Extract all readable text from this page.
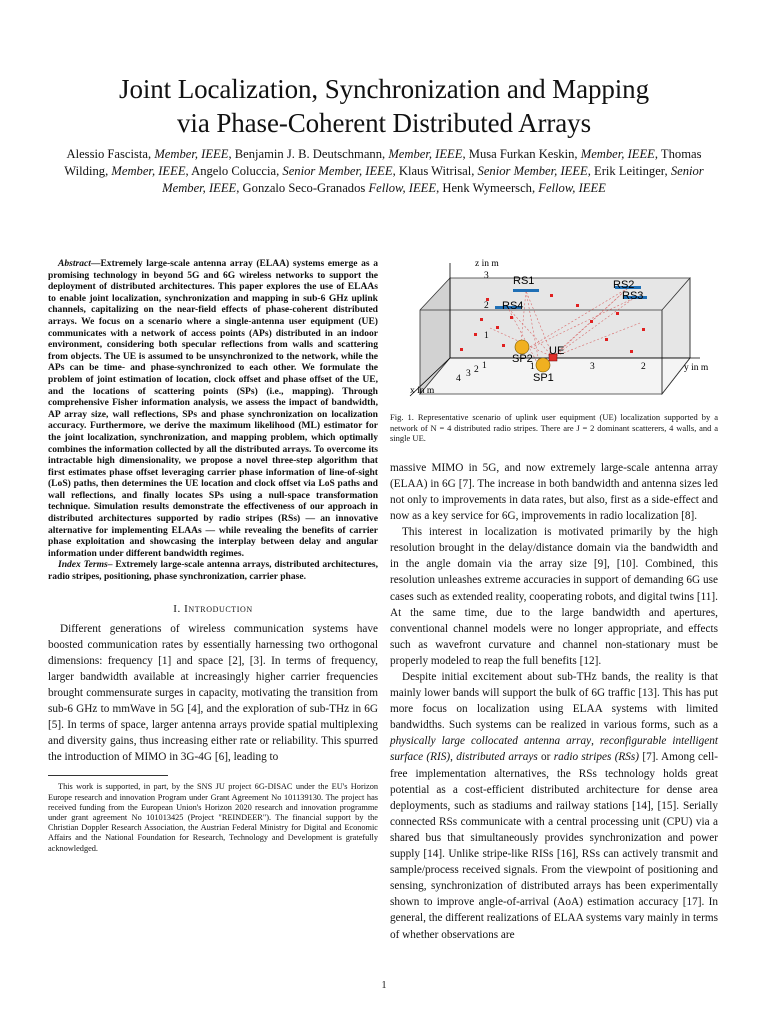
Joint Localization, Synchronization and Mapping
via Phase-Coherent Distributed Arrays
Alessio Fascista, Member, IEEE, Benjamin J. B. Deutschmann, Member, IEEE, Musa Furkan Keskin, Member, IEEE, Thomas Wilding, Member, IEEE, Angelo Coluccia, Senior Member, IEEE, Klaus Witrisal, Senior Member, IEEE, Erik Leitinger, Senior Member, IEEE, Gonzalo Seco-Granados Fellow, IEEE, Henk Wymeersch, Fellow, IEEE

Abstract—Extremely large-scale antenna array (ELAA) systems emerge as a promising technology in beyond 5G and 6G wireless networks to support the deployment of distributed architectures. This paper explores the use of ELAAs to enable joint localization, synchronization and mapping in sub-6 GHz uplink channels, capitalizing on the near-field effects of phase-coherent distributed arrays. We focus on a scenario where a single-antenna user equipment (UE) communicates with a network of access points (APs) distributed in an indoor environment, considering both specular reflections from walls and scattering from objects. The UE is assumed to be unsynchronized to the network, while the APs can be time- and phase-synchronized to each other. We formulate the problem of joint estimation of location, clock offset and phase offset of the UE, and the locations of scattering points (SPs) (i.e., mapping). Through comprehensive Fisher information analysis, we assess the impact of bandwidth, AP array size, wall reflections, SPs and phase synchronization on localization accuracy. Furthermore, we derive the maximum likelihood (ML) estimator for the joint localization, synchronization, and mapping problem, which optimally combines the information collected by all the distributed arrays. To overcome its intractable high dimensionality, we propose a novel three-step algorithm that first estimates phase offset leveraging carrier phase information of line-of-sight (LoS) paths, then determines the UE location and clock offset via LoS paths and wall reflections, and finally locates SPs using a null-space transformation technique. Simulation results demonstrate the effectiveness of our approach in distributed architectures supported by radio stripes (RSs) — an innovative alternative for implementing ELAAs — while revealing the benefits of carrier phase exploitation and showcasing the interplay between delay and angular information under different bandwidth regimes.

Index Terms– Extremely large-scale antenna arrays, distributed architectures, radio stripes, positioning, phase synchronization, carrier phase.

I. Introduction

Different generations of wireless communication systems have boosted communication rates by essentially harnessing two orthogonal dimensions: frequency [1] and space [2], [3]. In terms of frequency, larger bandwidth available at increasingly higher carrier frequencies brought commensurate surges in capacity, motivating the transition from sub-6 GHz to mmWave in 5G [4], and the exploration of sub-THz in 6G [5]. In terms of space, larger antenna arrays provide spatial multiplexing and diversity gains, thus increasing either rate or reliability. This spurred the introduction of MIMO in 3G-4G [6], leading to

This work is supported, in part, by the SNS JU project 6G-DISAC under the EU's Horizon Europe research and innovation Program under Grant Agreement No 101139130. The project has received funding from the European Union's Horizon 2020 research and innovation programme under grant agreement No 101013425 (Project "REINDEER"). The financial support by the Christian Doppler Research Association, the Austrian Federal Ministry for Digital and Economic Affairs and the National Foundation for Research, Technology and Development is gratefully acknowledged.
z in m
y in m
x in m
3
2
1
1	3	2
1
2
3
4
RS1	RS2
RS3
RS4
SP2
SP1
UE
Fig. 1. Representative scenario of uplink user equipment (UE) localization supported by a network of N = 4 distributed radio stripes. There are J = 2 dominant scatterers, 4 walls, and a single UE.

massive MIMO in 5G, and now extremely large-scale antenna array (ELAA) in 6G [7]. The increase in both bandwidth and antenna sizes led not only to improvements in data rates, but also, first as a side-effect and now as a key service for 6G, improvements in radio localization [8].

This interest in localization is motivated primarily by the high resolution brought in the delay/distance domain via the bandwidth and in the angle domain via the array size [9], [10]. Combined, this resolution unleashes extreme accuracies in support of demanding 6G use cases such as extended reality, cooperating robots, and digital twins [11]. At the same time, due to the large bandwidth and apertures, conventional channel models were no longer appropriate, and effects such as wavefront curvature and channel non-stationary must be properly modeled to reap the full benefits [12].

Despite initial excitement about sub-THz bands, the reality is that mainly lower bands will support the bulk of 6G traffic [13]. This has put more focus on localization using ELAA systems with limited bandwidths. Such systems can be realized in various forms, such as a physically large collocated antenna array, reconfigurable intelligent surface (RIS), distributed arrays or radio stripes (RSs) [7]. Among cell-free implementation alternatives, the RSs technology holds great potential as a cost-efficient distributed architecture for dense area deployments, such as stadiums and railway stations [14], [15]. Serially connected RSs communicate with a central processing unit (CPU) via a shared bus that simultaneously provides synchronization and power supply [14]. Unlike stripe-like RISs [16], RSs can actively transmit and sample/process received signals. From the viewpoint of positioning and sensing, synchronization of distributed arrays has been experimentally shown to improve angle-of-arrival (AoA) estimation accuracy [17]. In general, the different realizations of ELAA systems vary mainly in terms of whether observations are

1
